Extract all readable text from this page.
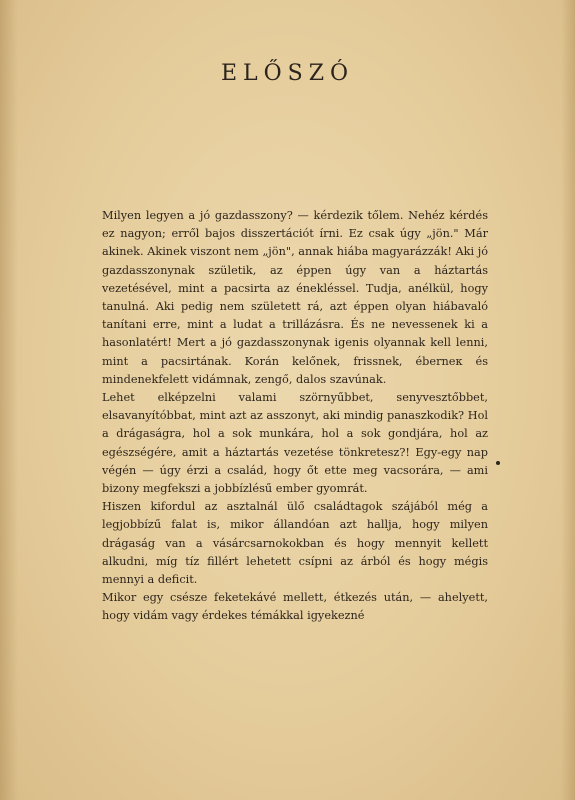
ELŐSZÓ

Milyen legyen a jó gazdasszony? — kérdezik tőlem. Nehéz kérdés ez nagyon; erről bajos disszertációt írni. Ez csak úgy „jön." Már akinek. Akinek viszont nem „jön", annak hiába magyarázzák! Aki jó gazdasszonynak születik, az éppen úgy van a háztartás vezetésével, mint a pacsirta az énekléssel. Tudja, anélkül, hogy tanulná. Aki pedig nem született rá, azt éppen olyan hiábavaló tanítani erre, mint a ludat a trillázásra. És ne nevessenek ki a hasonlatért! Mert a jó gazdasszonynak igenis olyannak kell lenni, mint a pacsirtának. Korán kelőnek, frissnek, éberneк és mindenekfelett vidámnak, zengő, dalos szavúnak.

Lehet elképzelni valami szörnyűbbet, senyvesztőbbet, elsavanyítóbbat, mint azt az asszonyt, aki mindig panaszkodik? Hol a drágaságra, hol a sok munkára, hol a sok gondjára, hol az egészségére, amit a háztartás vezetése tönkretesz?! Egy-egy nap végén — úgy érzi a család, hogy őt ette meg vacsorára, — ami bizony megfekszi a jobbízlésű ember gyomrát.

Hiszen kifordul az asztalnál ülő családtagok szájából még a legjobbízű falat is, mikor állandóan azt hallja, hogy milyen drágaság van a vásárcsarnokokban és hogy mennyit kellett alkudni, míg tíz fillért lehetett csípni az árból és hogy mégis mennyi a deficit.

Mikor egy csésze feketekávé mellett, étkezés után, — ahelyett, hogy vidám vagy érdekes témákkal igyekezné
